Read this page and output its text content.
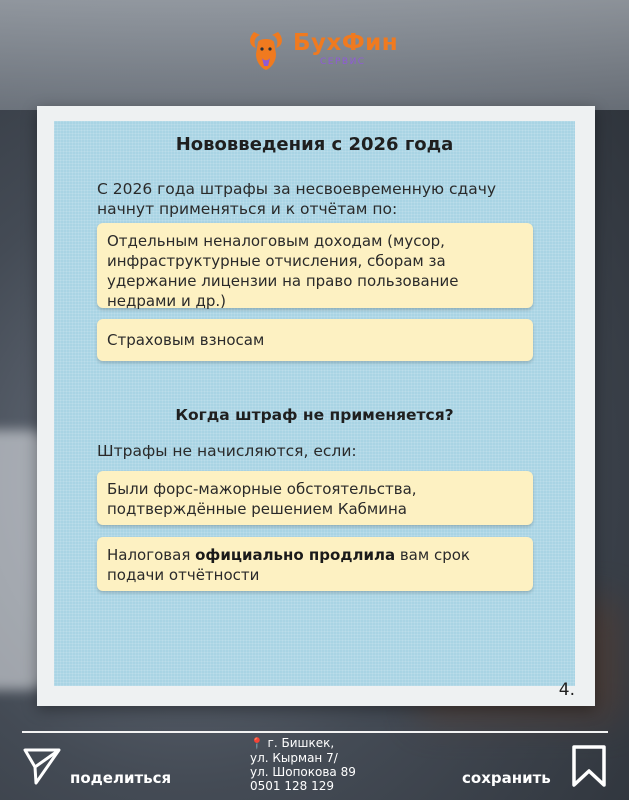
БухФин
СЕРВИС
Нововведения с 2026 года
С 2026 года штрафы за несвоевременную сдачу начнут применяться и к отчётам по:
Отдельным неналоговым доходам (мусор, инфраструктурные отчисления, сборам за удержание лицензии на право пользование недрами и др.)
Страховым взносам
Когда штраф не применяется?
Штрафы не начисляются, если:
Были форс-мажорные обстоятельства, подтверждённые решением Кабмина
Налоговая официально продлила вам срок подачи отчётности
4.
поделиться
📍 г. Бишкек,
ул. Кырман 7/
ул. Шопокова 89
0501 128 129	сохранить
